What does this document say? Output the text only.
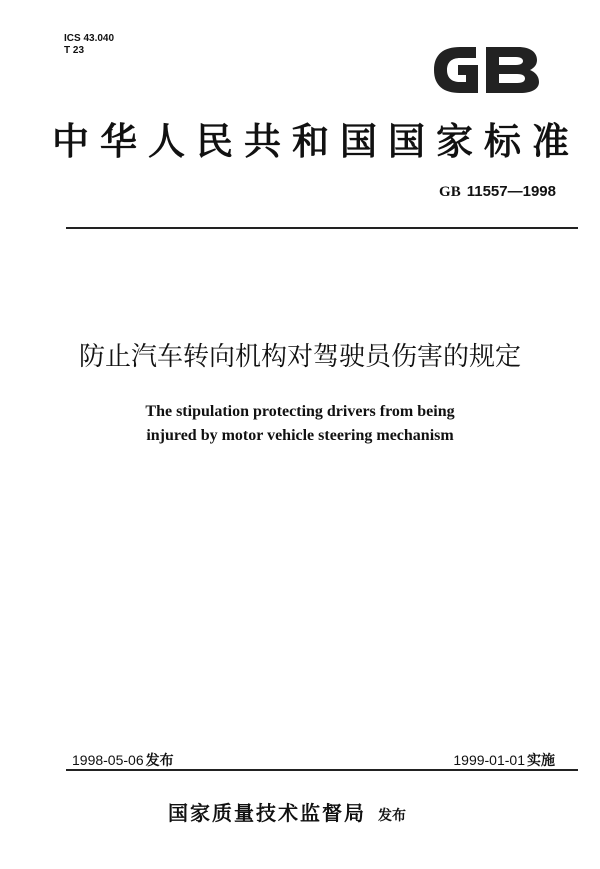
ICS 43.040
T 23
中华人民共和国国家标准
GB 11557—1998
防止汽车转向机构对驾驶员伤害的规定
The stipulation protecting drivers from being
injured by motor vehicle steering mechanism
1998-05-06 发布	1999-01-01 实施
国家质量技术监督局 发布
